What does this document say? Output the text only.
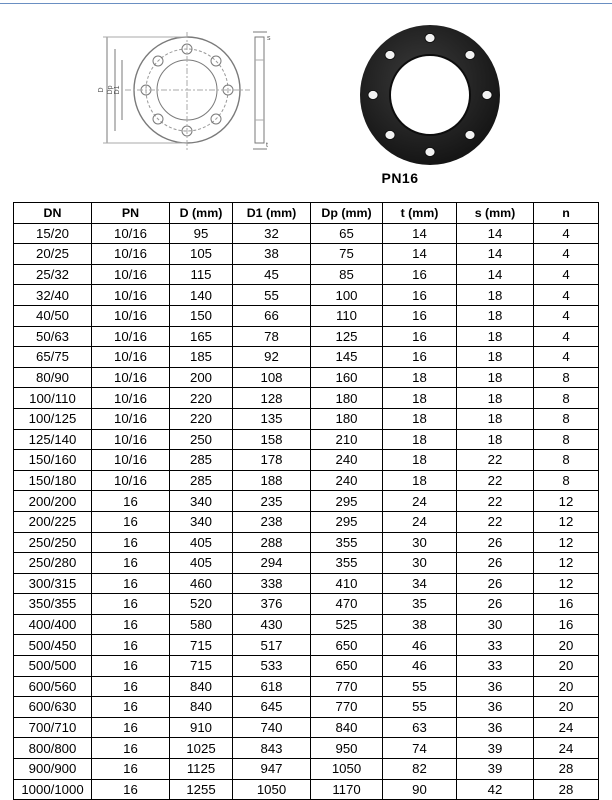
D Dp D1
s
t
PN16
DN	PN	D (mm)	D1 (mm)	Dp (mm)	t (mm)	s (mm)	n
15/20	10/16	95	32	65	14	14	4
20/25	10/16	105	38	75	14	14	4
25/32	10/16	115	45	85	16	14	4
32/40	10/16	140	55	100	16	18	4
40/50	10/16	150	66	110	16	18	4
50/63	10/16	165	78	125	16	18	4
65/75	10/16	185	92	145	16	18	4
80/90	10/16	200	108	160	18	18	8
100/110	10/16	220	128	180	18	18	8
100/125	10/16	220	135	180	18	18	8
125/140	10/16	250	158	210	18	18	8
150/160	10/16	285	178	240	18	22	8
150/180	10/16	285	188	240	18	22	8
200/200	16	340	235	295	24	22	12
200/225	16	340	238	295	24	22	12
250/250	16	405	288	355	30	26	12
250/280	16	405	294	355	30	26	12
300/315	16	460	338	410	34	26	12
350/355	16	520	376	470	35	26	16
400/400	16	580	430	525	38	30	16
500/450	16	715	517	650	46	33	20
500/500	16	715	533	650	46	33	20
600/560	16	840	618	770	55	36	20
600/630	16	840	645	770	55	36	20
700/710	16	910	740	840	63	36	24
800/800	16	1025	843	950	74	39	24
900/900	16	1125	947	1050	82	39	28
1000/1000	16	1255	1050	1170	90	42	28
